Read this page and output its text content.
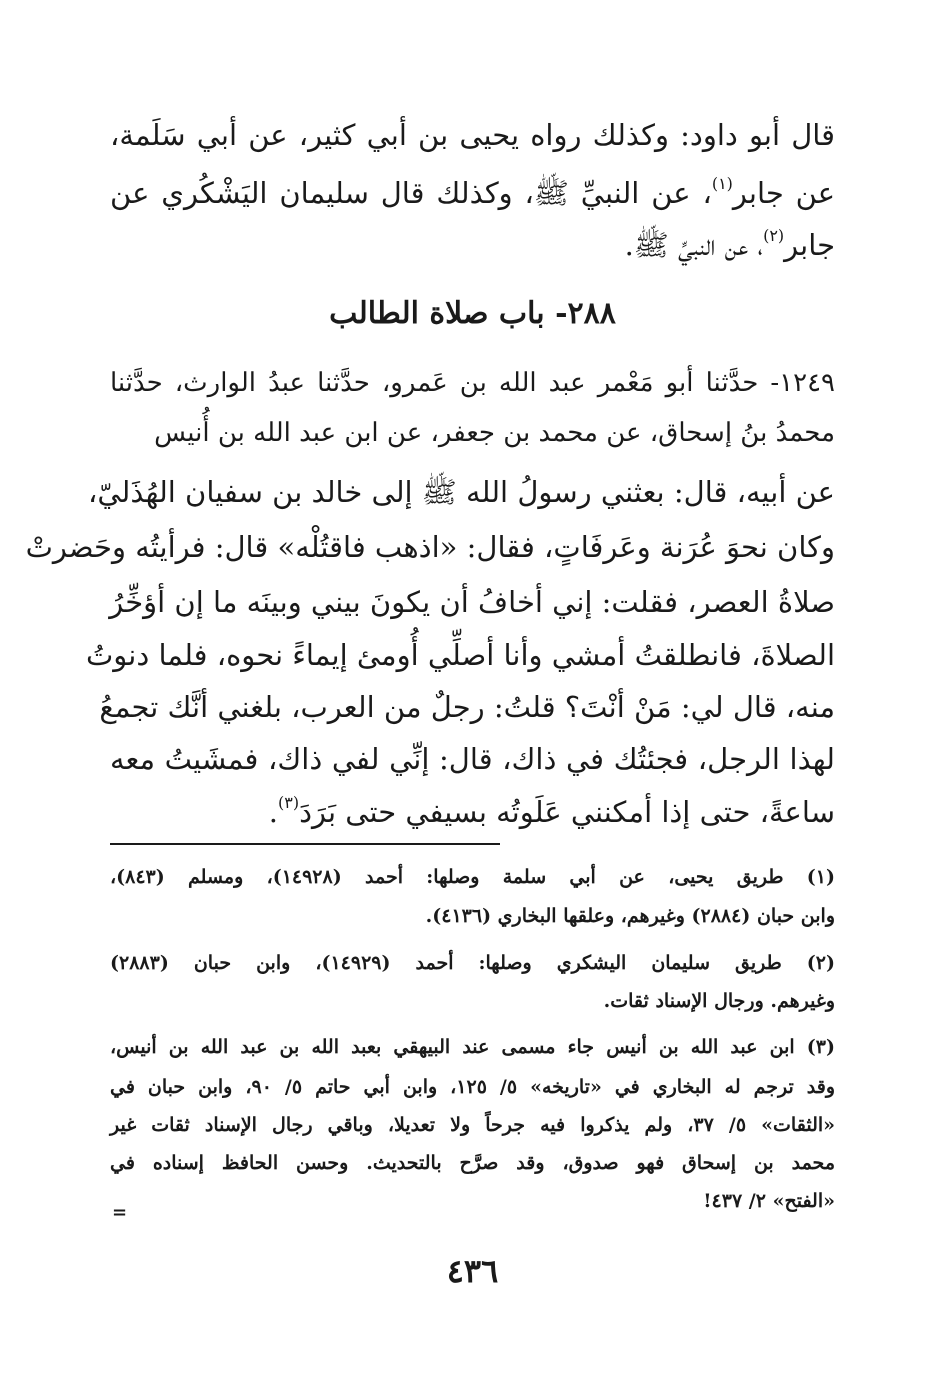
قال أبو داود: وكذلك رواه يحيى بن أبي كثير، عن أبي سَلَمة،
عن جابر$^{(١)}$، عن النبيِّ ﷺ، وكذلك قال سليمان اليَشْكُري عن
جابر$^{(٢)}$، عن النبيِّ ﷺ.
٢٨٨- باب صلاة الطالب
١٢٤٩- حدَّثنا أبو مَعْمر عبد الله بن عَمرو، حدَّثنا عبدُ الوارث، حدَّثنا
محمدُ بنُ إسحاق، عن محمد بن جعفر، عن ابن عبد الله بن أُنيس
عن أبيه، قال: بعثني رسولُ الله ﷺ إلى خالد بن سفيان الهُذَليّ،
وكان نحوَ عُرَنة وعَرفَاتٍ، فقال: «اذهب فاقتُلْه» قال: فرأيتُه وحَضرتْ
صلاةُ العصر، فقلت: إني أخافُ أن يكونَ بيني وبينَه ما إن أؤخِّرُ
الصلاةَ، فانطلقتُ أمشي وأنا أصلِّي أُومئ إيماءً نحوه، فلما دنوتُ
منه، قال لي: مَنْ أنْتَ؟ قلتُ: رجلٌ من العرب، بلغني أنَّك تجمعُ
لهذا الرجل، فجئتُك في ذاك، قال: إنِّي لفي ذاك، فمشَيتُ معه
ساعةً، حتى إذا أمكنني عَلَوتُه بسيفي حتى بَرَدَ$^{(٣)}$.
(١) طريق يحيى، عن أبي سلمة وصلها: أحمد (١٤٩٢٨)، ومسلم (٨٤٣)،
وابن حبان (٢٨٨٤) وغيرهم، وعلقها البخاري (٤١٣٦).
(٢) طريق سليمان اليشكري وصلها: أحمد (١٤٩٢٩)، وابن حبان (٢٨٨٣)
وغيرهم. ورجال الإسناد ثقات.
(٣) ابن عبد الله بن أنيس جاء مسمى عند البيهقي بعبد الله بن عبد الله بن أنيس،
وقد ترجم له البخاري في «تاريخه» ٥/ ١٢٥، وابن أبي حاتم ٥/ ٩٠، وابن حبان في
«الثقات» ٥/ ٣٧، ولم يذكروا فيه جرحاً ولا تعديلا، وباقي رجال الإسناد ثقات غير
محمد بن إسحاق فهو صدوق، وقد صرَّح بالتحديث. وحسن الحافظ إسناده في
«الفتح» ٢/ ٤٣٧!
=
٤٣٦
